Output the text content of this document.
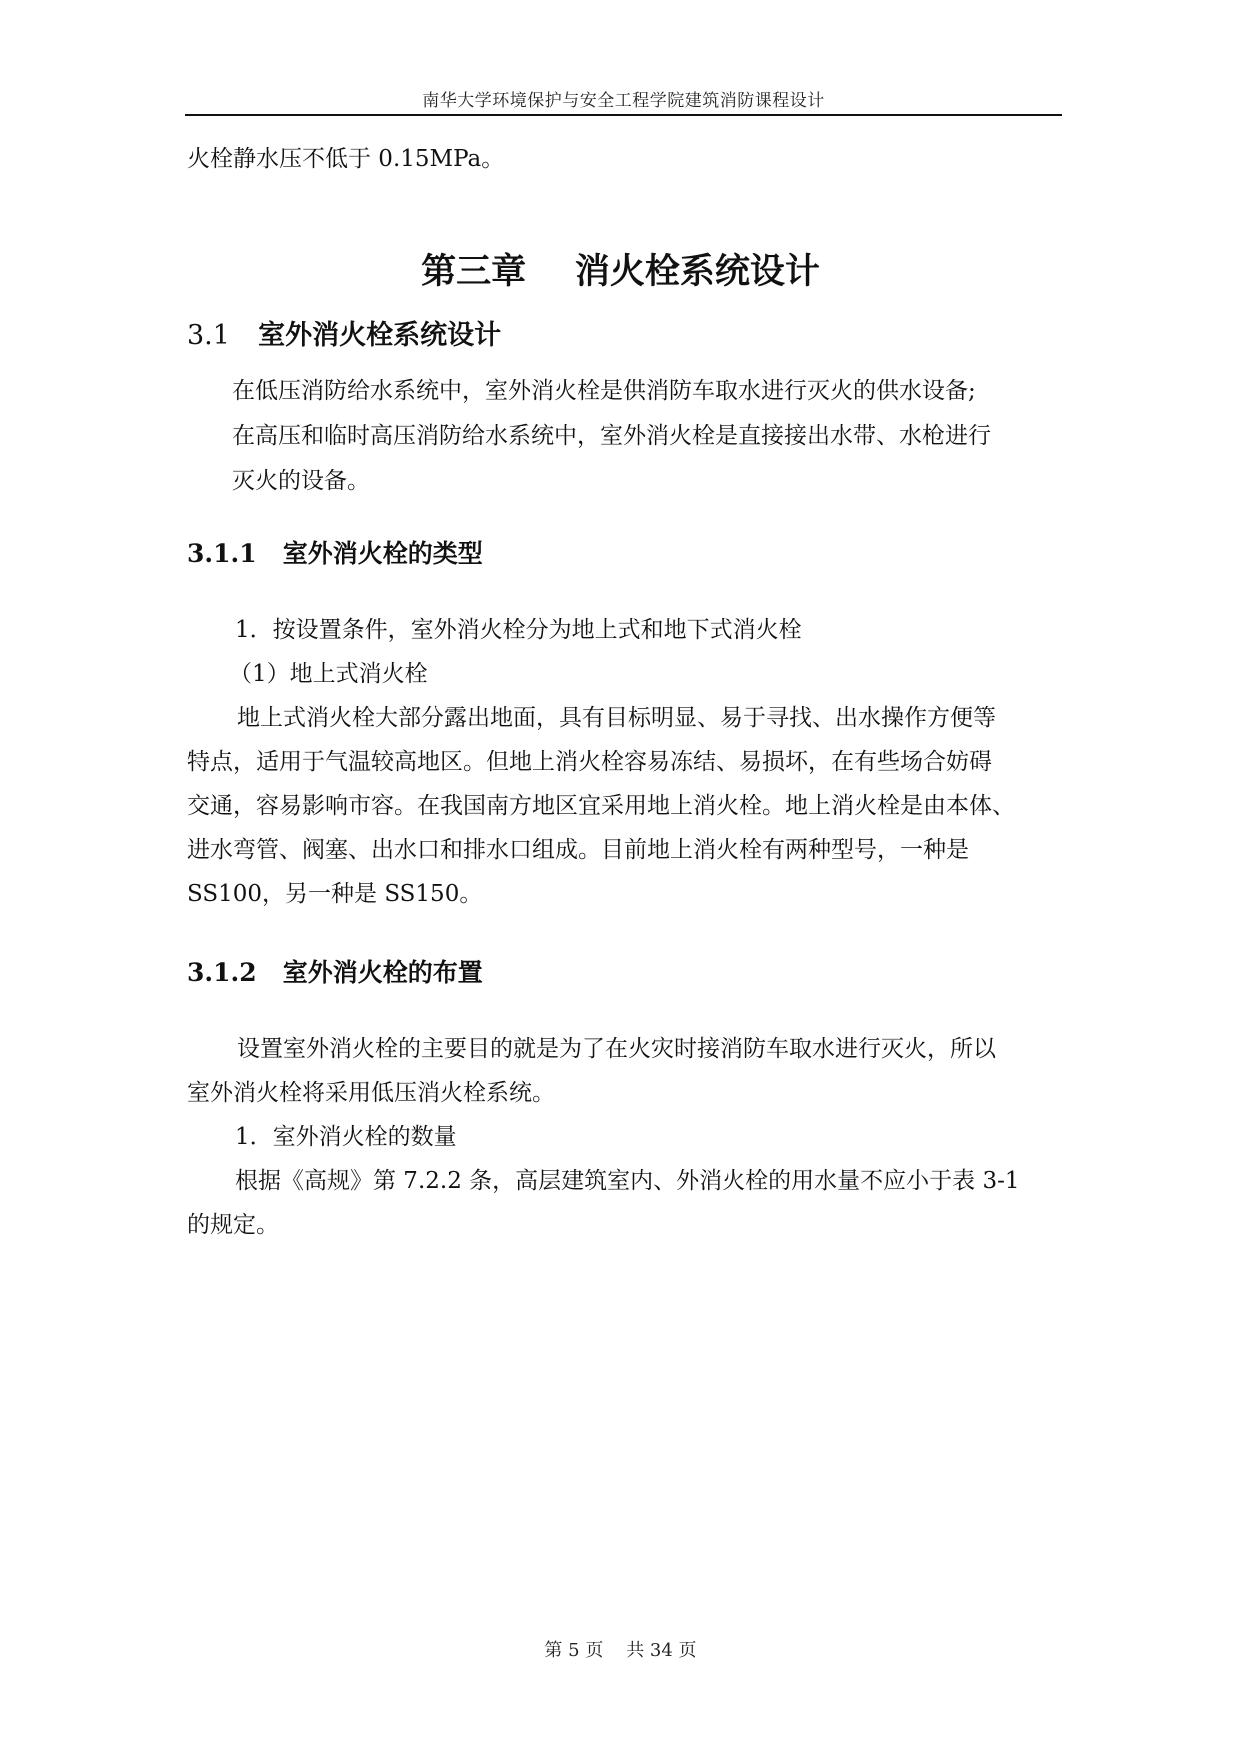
南华大学环境保护与安全工程学院建筑消防课程设计
火栓静水压不低于 0.15MPa。
第三章    消火栓系统设计
3.1 室外消火栓系统设计
在低压消防给水系统中，室外消火栓是供消防车取水进行灭火的供水设备;
在高压和临时高压消防给水系统中，室外消火栓是直接接出水带、水枪进行
灭火的设备。
3.1.1 室外消火栓的类型
1．按设置条件，室外消火栓分为地上式和地下式消火栓
（1）地上式消火栓
地上式消火栓大部分露出地面，具有目标明显、易于寻找、出水操作方便等
特点，适用于气温较高地区。但地上消火栓容易冻结、易损坏，在有些场合妨碍
交通，容易影响市容。在我国南方地区宜采用地上消火栓。地上消火栓是由本体、
进水弯管、阀塞、出水口和排水口组成。目前地上消火栓有两种型号，一种是
SS100，另一种是 SS150。
3.1.2 室外消火栓的布置
设置室外消火栓的主要目的就是为了在火灾时接消防车取水进行灭火，所以
室外消火栓将采用低压消火栓系统。
1．室外消火栓的数量
根据《高规》第 7.2.2 条，高层建筑室内、外消火栓的用水量不应小于表 3-1
的规定。
第 5 页    共 34 页
